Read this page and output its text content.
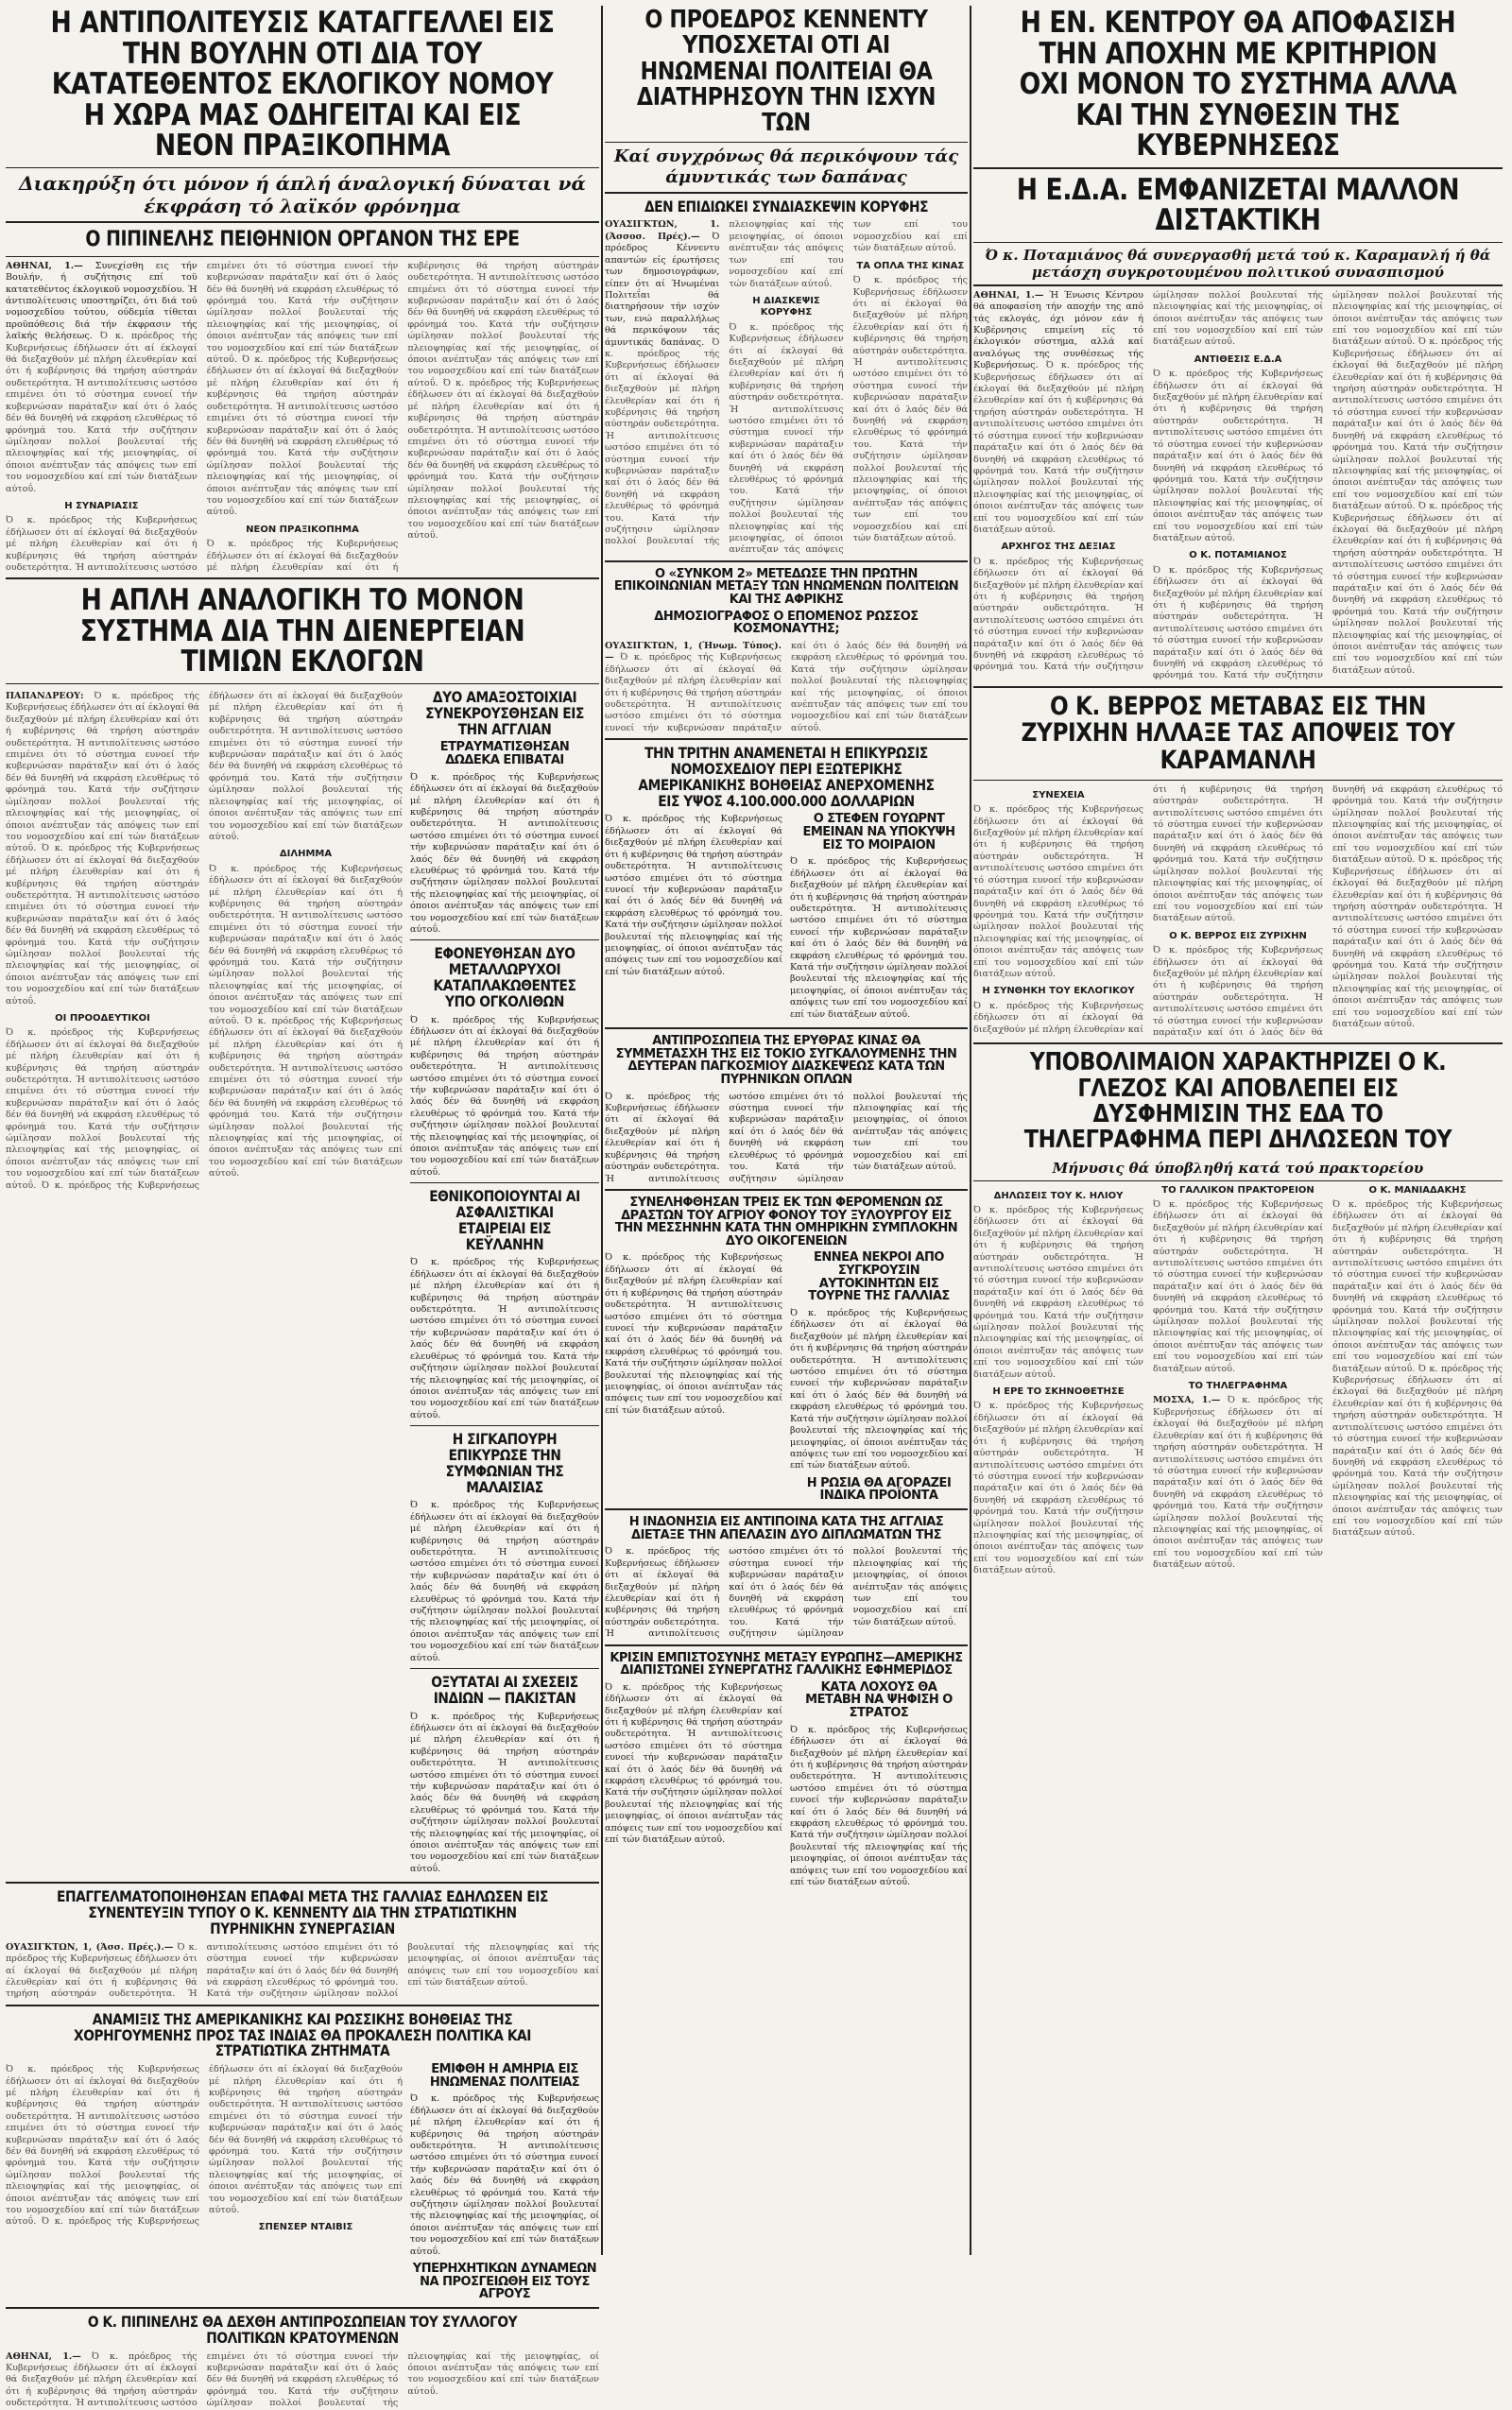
Η ΑΝΤΙΠΟΛΙΤΕΥΣΙΣ ΚΑΤΑΓΓΕΛΛΕΙ ΕΙΣ ΤΗΝ ΒΟΥΛΗΝ ΟΤΙ ΔΙΑ ΤΟΥ ΚΑΤΑΤΕΘΕΝΤΟΣ ΕΚΛΟΓΙΚΟΥ ΝΟΜΟΥ Η ΧΩΡΑ ΜΑΣ ΟΔΗΓΕΙΤΑΙ ΚΑΙ ΕΙΣ ΝΕΟΝ ΠΡΑΞΙΚΟΠΗΜΑ
Διακηρύξη ότι μόνον ή άπλή άναλογική δύναται νά έκφράση τό λαϊκόν φρόνημα
Ο ΠΙΠΙΝΕΛΗΣ ΠΕΙΘΗΝΙΟΝ ΟΡΓΑΝΟΝ ΤΗΣ ΕΡΕ
ΑΘΗΝΑΙ, 1.— Συνεχίσθη εις τήν Βουλήν, ή συζήτησις επί τοϋ κατατεθέντος έκλογικοϋ νομοσχεδίου. Ή άντιπολίτευσις υποστηρίζει, ότι διά τού νομοσχεδίου τούτου, ούδεμία τίθεται προϋπόθεσις διά τήν έκφρασιν τής λαϊκής θελήσεως. Ό κ. πρόεδρος τής Κυβερνήσεως έδήλωσεν ότι αί έκλογαί θά διεξαχθούν μέ πλήρη έλευθερίαν καί ότι ή κυβέρνησις θά τηρήση αύστηράν ουδετερότητα. Ή αντιπολίτευσις ωστόσο επιμένει ότι τό σύστημα ευνοεί τήν κυβερνώσαν παράταξιν καί ότι ό λαός δέν θά δυνηθή νά εκφράση ελευθέρως τό φρόνημά του. Κατά τήν συζήτησιν ώμίλησαν πολλοί βουλευταί τής πλειοψηφίας καί τής μειοψηφίας, οί όποιοι ανέπτυξαν τάς απόψεις των επί του νομοσχεδίου καί επί τών διατάξεων αύτοΰ.
Η ΣΥΝΑΡΙΑΣΙΣ
Ό κ. πρόεδρος τής Κυβερνήσεως έδήλωσεν ότι αί έκλογαί θά διεξαχθούν μέ πλήρη έλευθερίαν καί ότι ή κυβέρνησις θά τηρήση αύστηράν ουδετερότητα. Ή αντιπολίτευσις ωστόσο επιμένει ότι τό σύστημα ευνοεί τήν κυβερνώσαν παράταξιν καί ότι ό λαός δέν θά δυνηθή νά εκφράση ελευθέρως τό φρόνημά του. Κατά τήν συζήτησιν ώμίλησαν πολλοί βουλευταί τής πλειοψηφίας καί τής μειοψηφίας, οί όποιοι ανέπτυξαν τάς απόψεις των επί του νομοσχεδίου καί επί τών διατάξεων αύτοΰ. Ό κ. πρόεδρος τής Κυβερνήσεως έδήλωσεν ότι αί έκλογαί θά διεξαχθούν μέ πλήρη έλευθερίαν καί ότι ή κυβέρνησις θά τηρήση αύστηράν ουδετερότητα. Ή αντιπολίτευσις ωστόσο επιμένει ότι τό σύστημα ευνοεί τήν κυβερνώσαν παράταξιν καί ότι ό λαός δέν θά δυνηθή νά εκφράση ελευθέρως τό φρόνημά του. Κατά τήν συζήτησιν ώμίλησαν πολλοί βουλευταί τής πλειοψηφίας καί τής μειοψηφίας, οί όποιοι ανέπτυξαν τάς απόψεις των επί του νομοσχεδίου καί επί τών διατάξεων αύτοΰ.
ΝΕΟΝ ΠΡΑΞΙΚΟΠΗΜΑ
Ό κ. πρόεδρος τής Κυβερνήσεως έδήλωσεν ότι αί έκλογαί θά διεξαχθούν μέ πλήρη έλευθερίαν καί ότι ή κυβέρνησις θά τηρήση αύστηράν ουδετερότητα. Ή αντιπολίτευσις ωστόσο επιμένει ότι τό σύστημα ευνοεί τήν κυβερνώσαν παράταξιν καί ότι ό λαός δέν θά δυνηθή νά εκφράση ελευθέρως τό φρόνημά του. Κατά τήν συζήτησιν ώμίλησαν πολλοί βουλευταί τής πλειοψηφίας καί τής μειοψηφίας, οί όποιοι ανέπτυξαν τάς απόψεις των επί του νομοσχεδίου καί επί τών διατάξεων αύτοΰ. Ό κ. πρόεδρος τής Κυβερνήσεως έδήλωσεν ότι αί έκλογαί θά διεξαχθούν μέ πλήρη έλευθερίαν καί ότι ή κυβέρνησις θά τηρήση αύστηράν ουδετερότητα. Ή αντιπολίτευσις ωστόσο επιμένει ότι τό σύστημα ευνοεί τήν κυβερνώσαν παράταξιν καί ότι ό λαός δέν θά δυνηθή νά εκφράση ελευθέρως τό φρόνημά του. Κατά τήν συζήτησιν ώμίλησαν πολλοί βουλευταί τής πλειοψηφίας καί τής μειοψηφίας, οί όποιοι ανέπτυξαν τάς απόψεις των επί του νομοσχεδίου καί επί τών διατάξεων αύτοΰ.
Η ΑΠΛΗ ΑΝΑΛΟΓΙΚΗ ΤΟ ΜΟΝΟΝ ΣΥΣΤΗΜΑ ΔΙΑ ΤΗΝ ΔΙΕΝΕΡΓΕΙΑΝ ΤΙΜΙΩΝ ΕΚΛΟΓΩΝ
ΠΑΠΑΝΔΡΕΟΥ: Ό κ. πρόεδρος τής Κυβερνήσεως έδήλωσεν ότι αί έκλογαί θά διεξαχθούν μέ πλήρη έλευθερίαν καί ότι ή κυβέρνησις θά τηρήση αύστηράν ουδετερότητα. Ή αντιπολίτευσις ωστόσο επιμένει ότι τό σύστημα ευνοεί τήν κυβερνώσαν παράταξιν καί ότι ό λαός δέν θά δυνηθή νά εκφράση ελευθέρως τό φρόνημά του. Κατά τήν συζήτησιν ώμίλησαν πολλοί βουλευταί τής πλειοψηφίας καί τής μειοψηφίας, οί όποιοι ανέπτυξαν τάς απόψεις των επί του νομοσχεδίου καί επί τών διατάξεων αύτοΰ. Ό κ. πρόεδρος τής Κυβερνήσεως έδήλωσεν ότι αί έκλογαί θά διεξαχθούν μέ πλήρη έλευθερίαν καί ότι ή κυβέρνησις θά τηρήση αύστηράν ουδετερότητα. Ή αντιπολίτευσις ωστόσο επιμένει ότι τό σύστημα ευνοεί τήν κυβερνώσαν παράταξιν καί ότι ό λαός δέν θά δυνηθή νά εκφράση ελευθέρως τό φρόνημά του. Κατά τήν συζήτησιν ώμίλησαν πολλοί βουλευταί τής πλειοψηφίας καί τής μειοψηφίας, οί όποιοι ανέπτυξαν τάς απόψεις των επί του νομοσχεδίου καί επί τών διατάξεων αύτοΰ.
ΟΙ ΠΡΟΟΔΕΥΤΙΚΟΙ
Ό κ. πρόεδρος τής Κυβερνήσεως έδήλωσεν ότι αί έκλογαί θά διεξαχθούν μέ πλήρη έλευθερίαν καί ότι ή κυβέρνησις θά τηρήση αύστηράν ουδετερότητα. Ή αντιπολίτευσις ωστόσο επιμένει ότι τό σύστημα ευνοεί τήν κυβερνώσαν παράταξιν καί ότι ό λαός δέν θά δυνηθή νά εκφράση ελευθέρως τό φρόνημά του. Κατά τήν συζήτησιν ώμίλησαν πολλοί βουλευταί τής πλειοψηφίας καί τής μειοψηφίας, οί όποιοι ανέπτυξαν τάς απόψεις των επί του νομοσχεδίου καί επί τών διατάξεων αύτοΰ. Ό κ. πρόεδρος τής Κυβερνήσεως έδήλωσεν ότι αί έκλογαί θά διεξαχθούν μέ πλήρη έλευθερίαν καί ότι ή κυβέρνησις θά τηρήση αύστηράν ουδετερότητα. Ή αντιπολίτευσις ωστόσο επιμένει ότι τό σύστημα ευνοεί τήν κυβερνώσαν παράταξιν καί ότι ό λαός δέν θά δυνηθή νά εκφράση ελευθέρως τό φρόνημά του. Κατά τήν συζήτησιν ώμίλησαν πολλοί βουλευταί τής πλειοψηφίας καί τής μειοψηφίας, οί όποιοι ανέπτυξαν τάς απόψεις των επί του νομοσχεδίου καί επί τών διατάξεων αύτοΰ.
ΔΙΛΗΜΜΑ
Ό κ. πρόεδρος τής Κυβερνήσεως έδήλωσεν ότι αί έκλογαί θά διεξαχθούν μέ πλήρη έλευθερίαν καί ότι ή κυβέρνησις θά τηρήση αύστηράν ουδετερότητα. Ή αντιπολίτευσις ωστόσο επιμένει ότι τό σύστημα ευνοεί τήν κυβερνώσαν παράταξιν καί ότι ό λαός δέν θά δυνηθή νά εκφράση ελευθέρως τό φρόνημά του. Κατά τήν συζήτησιν ώμίλησαν πολλοί βουλευταί τής πλειοψηφίας καί τής μειοψηφίας, οί όποιοι ανέπτυξαν τάς απόψεις των επί του νομοσχεδίου καί επί τών διατάξεων αύτοΰ. Ό κ. πρόεδρος τής Κυβερνήσεως έδήλωσεν ότι αί έκλογαί θά διεξαχθούν μέ πλήρη έλευθερίαν καί ότι ή κυβέρνησις θά τηρήση αύστηράν ουδετερότητα. Ή αντιπολίτευσις ωστόσο επιμένει ότι τό σύστημα ευνοεί τήν κυβερνώσαν παράταξιν καί ότι ό λαός δέν θά δυνηθή νά εκφράση ελευθέρως τό φρόνημά του. Κατά τήν συζήτησιν ώμίλησαν πολλοί βουλευταί τής πλειοψηφίας καί τής μειοψηφίας, οί όποιοι ανέπτυξαν τάς απόψεις των επί του νομοσχεδίου καί επί τών διατάξεων αύτοΰ.
ΔΥΟ ΑΜΑΞΟΣΤΟΙΧΙΑΙ ΣΥΝΕΚΡΟΥΣΘΗΣΑΝ ΕΙΣ ΤΗΝ ΑΓΓΛΙΑΝ
ΕΤΡΑΥΜΑΤΙΣΘΗΣΑΝ ΔΩΔΕΚΑ ΕΠΙΒΑΤΑΙ
Ό κ. πρόεδρος τής Κυβερνήσεως έδήλωσεν ότι αί έκλογαί θά διεξαχθούν μέ πλήρη έλευθερίαν καί ότι ή κυβέρνησις θά τηρήση αύστηράν ουδετερότητα. Ή αντιπολίτευσις ωστόσο επιμένει ότι τό σύστημα ευνοεί τήν κυβερνώσαν παράταξιν καί ότι ό λαός δέν θά δυνηθή νά εκφράση ελευθέρως τό φρόνημά του. Κατά τήν συζήτησιν ώμίλησαν πολλοί βουλευταί τής πλειοψηφίας καί τής μειοψηφίας, οί όποιοι ανέπτυξαν τάς απόψεις των επί του νομοσχεδίου καί επί τών διατάξεων αύτοΰ.
ΕΦΟΝΕΥΘΗΣΑΝ ΔΥΟ ΜΕΤΑΛΛΩΡΥΧΟΙ ΚΑΤΑΠΛΑΚΩΘΕΝΤΕΣ ΥΠΟ ΟΓΚΟΛΙΘΩΝ
Ό κ. πρόεδρος τής Κυβερνήσεως έδήλωσεν ότι αί έκλογαί θά διεξαχθούν μέ πλήρη έλευθερίαν καί ότι ή κυβέρνησις θά τηρήση αύστηράν ουδετερότητα. Ή αντιπολίτευσις ωστόσο επιμένει ότι τό σύστημα ευνοεί τήν κυβερνώσαν παράταξιν καί ότι ό λαός δέν θά δυνηθή νά εκφράση ελευθέρως τό φρόνημά του. Κατά τήν συζήτησιν ώμίλησαν πολλοί βουλευταί τής πλειοψηφίας καί τής μειοψηφίας, οί όποιοι ανέπτυξαν τάς απόψεις των επί του νομοσχεδίου καί επί τών διατάξεων αύτοΰ.
ΕΘΝΙΚΟΠΟΙΟΥΝΤΑΙ ΑΙ ΑΣΦΑΛΙΣΤΙΚΑΙ ΕΤΑΙΡΕΙΑΙ ΕΙΣ ΚΕΫΛΑΝΗΝ
Ό κ. πρόεδρος τής Κυβερνήσεως έδήλωσεν ότι αί έκλογαί θά διεξαχθούν μέ πλήρη έλευθερίαν καί ότι ή κυβέρνησις θά τηρήση αύστηράν ουδετερότητα. Ή αντιπολίτευσις ωστόσο επιμένει ότι τό σύστημα ευνοεί τήν κυβερνώσαν παράταξιν καί ότι ό λαός δέν θά δυνηθή νά εκφράση ελευθέρως τό φρόνημά του. Κατά τήν συζήτησιν ώμίλησαν πολλοί βουλευταί τής πλειοψηφίας καί τής μειοψηφίας, οί όποιοι ανέπτυξαν τάς απόψεις των επί του νομοσχεδίου καί επί τών διατάξεων αύτοΰ.
Η ΣΙΓΚΑΠΟΥΡΗ ΕΠΙΚΥΡΩΣΕ ΤΗΝ ΣΥΜΦΩΝΙΑΝ ΤΗΣ ΜΑΛΑΙΣΙΑΣ
Ό κ. πρόεδρος τής Κυβερνήσεως έδήλωσεν ότι αί έκλογαί θά διεξαχθούν μέ πλήρη έλευθερίαν καί ότι ή κυβέρνησις θά τηρήση αύστηράν ουδετερότητα. Ή αντιπολίτευσις ωστόσο επιμένει ότι τό σύστημα ευνοεί τήν κυβερνώσαν παράταξιν καί ότι ό λαός δέν θά δυνηθή νά εκφράση ελευθέρως τό φρόνημά του. Κατά τήν συζήτησιν ώμίλησαν πολλοί βουλευταί τής πλειοψηφίας καί τής μειοψηφίας, οί όποιοι ανέπτυξαν τάς απόψεις των επί του νομοσχεδίου καί επί τών διατάξεων αύτοΰ.
ΟΞΥΤΑΤΑΙ ΑΙ ΣΧΕΣΕΙΣ ΙΝΔΙΩΝ — ΠΑΚΙΣΤΑΝ
Ό κ. πρόεδρος τής Κυβερνήσεως έδήλωσεν ότι αί έκλογαί θά διεξαχθούν μέ πλήρη έλευθερίαν καί ότι ή κυβέρνησις θά τηρήση αύστηράν ουδετερότητα. Ή αντιπολίτευσις ωστόσο επιμένει ότι τό σύστημα ευνοεί τήν κυβερνώσαν παράταξιν καί ότι ό λαός δέν θά δυνηθή νά εκφράση ελευθέρως τό φρόνημά του. Κατά τήν συζήτησιν ώμίλησαν πολλοί βουλευταί τής πλειοψηφίας καί τής μειοψηφίας, οί όποιοι ανέπτυξαν τάς απόψεις των επί του νομοσχεδίου καί επί τών διατάξεων αύτοΰ.
ΕΠΑΓΓΕΛΜΑΤΟΠΟΙΗΘΗΣΑΝ ΕΠΑΦΑΙ ΜΕΤΑ ΤΗΣ ΓΑΛΛΙΑΣ ΕΔΗΛΩΣΕΝ ΕΙΣ ΣΥΝΕΝΤΕΥΞΙΝ ΤΥΠΟΥ Ο Κ. ΚΕΝΝΕΝΤΥ ΔΙΑ ΤΗΝ ΣΤΡΑΤΙΩΤΙΚΗΝ ΠΥΡΗΝΙΚΗΝ ΣΥΝΕΡΓΑΣΙΑΝ
ΟΥΑΣΙΓΚΤΩΝ, 1, (Άσσ. Πρές.).— Ό κ. πρόεδρος τής Κυβερνήσεως έδήλωσεν ότι αί έκλογαί θά διεξαχθούν μέ πλήρη έλευθερίαν καί ότι ή κυβέρνησις θά τηρήση αύστηράν ουδετερότητα. Ή αντιπολίτευσις ωστόσο επιμένει ότι τό σύστημα ευνοεί τήν κυβερνώσαν παράταξιν καί ότι ό λαός δέν θά δυνηθή νά εκφράση ελευθέρως τό φρόνημά του. Κατά τήν συζήτησιν ώμίλησαν πολλοί βουλευταί τής πλειοψηφίας καί τής μειοψηφίας, οί όποιοι ανέπτυξαν τάς απόψεις των επί του νομοσχεδίου καί επί τών διατάξεων αύτοΰ.
ΑΝΑΜΙΞΙΣ ΤΗΣ ΑΜΕΡΙΚΑΝΙΚΗΣ ΚΑΙ ΡΩΣΣΙΚΗΣ ΒΟΗΘΕΙΑΣ ΤΗΣ ΧΟΡΗΓΟΥΜΕΝΗΣ ΠΡΟΣ ΤΑΣ ΙΝΔΙΑΣ ΘΑ ΠΡΟΚΑΛΕΣΗ ΠΟΛΙΤΙΚΑ ΚΑΙ ΣΤΡΑΤΙΩΤΙΚΑ ΖΗΤΗΜΑΤΑ
Ό κ. πρόεδρος τής Κυβερνήσεως έδήλωσεν ότι αί έκλογαί θά διεξαχθούν μέ πλήρη έλευθερίαν καί ότι ή κυβέρνησις θά τηρήση αύστηράν ουδετερότητα. Ή αντιπολίτευσις ωστόσο επιμένει ότι τό σύστημα ευνοεί τήν κυβερνώσαν παράταξιν καί ότι ό λαός δέν θά δυνηθή νά εκφράση ελευθέρως τό φρόνημά του. Κατά τήν συζήτησιν ώμίλησαν πολλοί βουλευταί τής πλειοψηφίας καί τής μειοψηφίας, οί όποιοι ανέπτυξαν τάς απόψεις των επί του νομοσχεδίου καί επί τών διατάξεων αύτοΰ. Ό κ. πρόεδρος τής Κυβερνήσεως έδήλωσεν ότι αί έκλογαί θά διεξαχθούν μέ πλήρη έλευθερίαν καί ότι ή κυβέρνησις θά τηρήση αύστηράν ουδετερότητα. Ή αντιπολίτευσις ωστόσο επιμένει ότι τό σύστημα ευνοεί τήν κυβερνώσαν παράταξιν καί ότι ό λαός δέν θά δυνηθή νά εκφράση ελευθέρως τό φρόνημά του. Κατά τήν συζήτησιν ώμίλησαν πολλοί βουλευταί τής πλειοψηφίας καί τής μειοψηφίας, οί όποιοι ανέπτυξαν τάς απόψεις των επί του νομοσχεδίου καί επί τών διατάξεων αύτοΰ.
ΣΠΕΝΣΕΡ ΝΤΑΙΒΙΣ
ΕΜΙΦΘΗ Η ΑΜΗΡΙΑ ΕΙΣ ΗΝΩΜΕΝΑΣ ΠΟΛΙΤΕΙΑΣ
Ό κ. πρόεδρος τής Κυβερνήσεως έδήλωσεν ότι αί έκλογαί θά διεξαχθούν μέ πλήρη έλευθερίαν καί ότι ή κυβέρνησις θά τηρήση αύστηράν ουδετερότητα. Ή αντιπολίτευσις ωστόσο επιμένει ότι τό σύστημα ευνοεί τήν κυβερνώσαν παράταξιν καί ότι ό λαός δέν θά δυνηθή νά εκφράση ελευθέρως τό φρόνημά του. Κατά τήν συζήτησιν ώμίλησαν πολλοί βουλευταί τής πλειοψηφίας καί τής μειοψηφίας, οί όποιοι ανέπτυξαν τάς απόψεις των επί του νομοσχεδίου καί επί τών διατάξεων αύτοΰ.
ΥΠΕΡΗΧΗΤΙΚΩΝ ΔΥΝΑΜΕΩΝ ΝΑ ΠΡΟΣΓΕΙΩΘΗ ΕΙΣ ΤΟΥΣ ΑΓΡΟΥΣ
Ο Κ. ΠΙΠΙΝΕΛΗΣ ΘΑ ΔΕΧΘΗ ΑΝΤΙΠΡΟΣΩΠΕΙΑΝ ΤΟΥ ΣΥΛΛΟΓΟΥ ΠΟΛΙΤΙΚΩΝ ΚΡΑΤΟΥΜΕΝΩΝ
ΑΘΗΝΑΙ, 1.— Ό κ. πρόεδρος τής Κυβερνήσεως έδήλωσεν ότι αί έκλογαί θά διεξαχθούν μέ πλήρη έλευθερίαν καί ότι ή κυβέρνησις θά τηρήση αύστηράν ουδετερότητα. Ή αντιπολίτευσις ωστόσο επιμένει ότι τό σύστημα ευνοεί τήν κυβερνώσαν παράταξιν καί ότι ό λαός δέν θά δυνηθή νά εκφράση ελευθέρως τό φρόνημά του. Κατά τήν συζήτησιν ώμίλησαν πολλοί βουλευταί τής πλειοψηφίας καί τής μειοψηφίας, οί όποιοι ανέπτυξαν τάς απόψεις των επί του νομοσχεδίου καί επί τών διατάξεων αύτοΰ.
Ο ΠΡΟΕΔΡΟΣ ΚΕΝΝΕΝΤΥ ΥΠΟΣΧΕΤΑΙ ΟΤΙ ΑΙ ΗΝΩΜΕΝΑΙ ΠΟΛΙΤΕΙΑΙ ΘΑ ΔΙΑΤΗΡΗΣΟΥΝ ΤΗΝ ΙΣΧΥΝ ΤΩΝ
Καί συγχρόνως θά περικόψουν τάς άμυντικάς των δαπάνας
ΔΕΝ ΕΠΙΔΙΩΚΕΙ ΣΥΝΔΙΑΣΚΕΨΙΝ ΚΟΡΥΦΗΣ
ΟΥΑΣΙΓΚΤΩΝ, 1. (Άσσοσ. Πρές).— Ό πρόεδρος Κέννεντυ απαντών είς έρωτήσεις των δημοσιογράφων, είπεν ότι αί Ήνωμέναι Πολιτεΐαι θά διατηρήσουν τήν ισχύν των, ενώ παραλλήλως θά περικόψουν τάς άμυντικάς δαπάνας. Ό κ. πρόεδρος τής Κυβερνήσεως έδήλωσεν ότι αί έκλογαί θά διεξαχθούν μέ πλήρη έλευθερίαν καί ότι ή κυβέρνησις θά τηρήση αύστηράν ουδετερότητα. Ή αντιπολίτευσις ωστόσο επιμένει ότι τό σύστημα ευνοεί τήν κυβερνώσαν παράταξιν καί ότι ό λαός δέν θά δυνηθή νά εκφράση ελευθέρως τό φρόνημά του. Κατά τήν συζήτησιν ώμίλησαν πολλοί βουλευταί τής πλειοψηφίας καί τής μειοψηφίας, οί όποιοι ανέπτυξαν τάς απόψεις των επί του νομοσχεδίου καί επί τών διατάξεων αύτοΰ.
Η ΔΙΑΣΚΕΨΙΣ ΚΟΡΥΦΗΣ
Ό κ. πρόεδρος τής Κυβερνήσεως έδήλωσεν ότι αί έκλογαί θά διεξαχθούν μέ πλήρη έλευθερίαν καί ότι ή κυβέρνησις θά τηρήση αύστηράν ουδετερότητα. Ή αντιπολίτευσις ωστόσο επιμένει ότι τό σύστημα ευνοεί τήν κυβερνώσαν παράταξιν καί ότι ό λαός δέν θά δυνηθή νά εκφράση ελευθέρως τό φρόνημά του. Κατά τήν συζήτησιν ώμίλησαν πολλοί βουλευταί τής πλειοψηφίας καί τής μειοψηφίας, οί όποιοι ανέπτυξαν τάς απόψεις των επί του νομοσχεδίου καί επί τών διατάξεων αύτοΰ.
ΤΑ ΟΠΛΑ ΤΗΣ ΚΙΝΑΣ
Ό κ. πρόεδρος τής Κυβερνήσεως έδήλωσεν ότι αί έκλογαί θά διεξαχθούν μέ πλήρη έλευθερίαν καί ότι ή κυβέρνησις θά τηρήση αύστηράν ουδετερότητα. Ή αντιπολίτευσις ωστόσο επιμένει ότι τό σύστημα ευνοεί τήν κυβερνώσαν παράταξιν καί ότι ό λαός δέν θά δυνηθή νά εκφράση ελευθέρως τό φρόνημά του. Κατά τήν συζήτησιν ώμίλησαν πολλοί βουλευταί τής πλειοψηφίας καί τής μειοψηφίας, οί όποιοι ανέπτυξαν τάς απόψεις των επί του νομοσχεδίου καί επί τών διατάξεων αύτοΰ.
Ο «ΣΥΝΚΟΜ 2» ΜΕΤΕΔΩΣΕ ΤΗΝ ΠΡΩΤΗΝ ΕΠΙΚΟΙΝΩΝΙΑΝ ΜΕΤΑΞΥ ΤΩΝ ΗΝΩΜΕΝΩΝ ΠΟΛΙΤΕΙΩΝ ΚΑΙ ΤΗΣ ΑΦΡΙΚΗΣ
ΔΗΜΟΣΙΟΓΡΑΦΟΣ Ο ΕΠΟΜΕΝΟΣ ΡΩΣΣΟΣ ΚΟΣΜΟΝΑΥΤΗΣ;
ΟΥΑΣΙΓΚΤΩΝ, 1, (Ήνωμ. Τύπος).— Ό κ. πρόεδρος τής Κυβερνήσεως έδήλωσεν ότι αί έκλογαί θά διεξαχθούν μέ πλήρη έλευθερίαν καί ότι ή κυβέρνησις θά τηρήση αύστηράν ουδετερότητα. Ή αντιπολίτευσις ωστόσο επιμένει ότι τό σύστημα ευνοεί τήν κυβερνώσαν παράταξιν καί ότι ό λαός δέν θά δυνηθή νά εκφράση ελευθέρως τό φρόνημά του. Κατά τήν συζήτησιν ώμίλησαν πολλοί βουλευταί τής πλειοψηφίας καί τής μειοψηφίας, οί όποιοι ανέπτυξαν τάς απόψεις των επί του νομοσχεδίου καί επί τών διατάξεων αύτοΰ.
ΤΗΝ ΤΡΙΤΗΝ ΑΝΑΜΕΝΕΤΑΙ Η ΕΠΙΚΥΡΩΣΙΣ ΝΟΜΟΣΧΕΔΙΟΥ ΠΕΡΙ ΕΞΩΤΕΡΙΚΗΣ ΑΜΕΡΙΚΑΝΙΚΗΣ ΒΟΗΘΕΙΑΣ ΑΝΕΡΧΟΜΕΝΗΣ ΕΙΣ ΥΨΟΣ 4.100.000.000 ΔΟΛΛΑΡΙΩΝ
Ό κ. πρόεδρος τής Κυβερνήσεως έδήλωσεν ότι αί έκλογαί θά διεξαχθούν μέ πλήρη έλευθερίαν καί ότι ή κυβέρνησις θά τηρήση αύστηράν ουδετερότητα. Ή αντιπολίτευσις ωστόσο επιμένει ότι τό σύστημα ευνοεί τήν κυβερνώσαν παράταξιν καί ότι ό λαός δέν θά δυνηθή νά εκφράση ελευθέρως τό φρόνημά του. Κατά τήν συζήτησιν ώμίλησαν πολλοί βουλευταί τής πλειοψηφίας καί τής μειοψηφίας, οί όποιοι ανέπτυξαν τάς απόψεις των επί του νομοσχεδίου καί επί τών διατάξεων αύτοΰ.
Ο ΣΤΕΦΕΝ ΓΟΥΩΡΝΤ ΕΜΕΙΝΑΝ ΝΑ ΥΠΟΚΥΨΗ ΕΙΣ ΤΟ ΜΟΙΡΑΙΟΝ
Ό κ. πρόεδρος τής Κυβερνήσεως έδήλωσεν ότι αί έκλογαί θά διεξαχθούν μέ πλήρη έλευθερίαν καί ότι ή κυβέρνησις θά τηρήση αύστηράν ουδετερότητα. Ή αντιπολίτευσις ωστόσο επιμένει ότι τό σύστημα ευνοεί τήν κυβερνώσαν παράταξιν καί ότι ό λαός δέν θά δυνηθή νά εκφράση ελευθέρως τό φρόνημά του. Κατά τήν συζήτησιν ώμίλησαν πολλοί βουλευταί τής πλειοψηφίας καί τής μειοψηφίας, οί όποιοι ανέπτυξαν τάς απόψεις των επί του νομοσχεδίου καί επί τών διατάξεων αύτοΰ.
ΑΝΤΙΠΡΟΣΩΠΕΙΑ ΤΗΣ ΕΡΥΘΡΑΣ ΚΙΝΑΣ ΘΑ ΣΥΜΜΕΤΑΣΧΗ ΤΗΣ ΕΙΣ ΤΟΚΙΟ ΣΥΓΚΑΛΟΥΜΕΝΗΣ ΤΗΝ ΔΕΥΤΕΡΑΝ ΠΑΓΚΟΣΜΙΟΥ ΔΙΑΣΚΕΨΕΩΣ ΚΑΤΑ ΤΩΝ ΠΥΡΗΝΙΚΩΝ ΟΠΛΩΝ
Ό κ. πρόεδρος τής Κυβερνήσεως έδήλωσεν ότι αί έκλογαί θά διεξαχθούν μέ πλήρη έλευθερίαν καί ότι ή κυβέρνησις θά τηρήση αύστηράν ουδετερότητα. Ή αντιπολίτευσις ωστόσο επιμένει ότι τό σύστημα ευνοεί τήν κυβερνώσαν παράταξιν καί ότι ό λαός δέν θά δυνηθή νά εκφράση ελευθέρως τό φρόνημά του. Κατά τήν συζήτησιν ώμίλησαν πολλοί βουλευταί τής πλειοψηφίας καί τής μειοψηφίας, οί όποιοι ανέπτυξαν τάς απόψεις των επί του νομοσχεδίου καί επί τών διατάξεων αύτοΰ.
ΣΥΝΕΛΗΦΘΗΣΑΝ ΤΡΕΙΣ ΕΚ ΤΩΝ ΦΕΡΟΜΕΝΩΝ ΩΣ ΔΡΑΣΤΩΝ ΤΟΥ ΑΓΡΙΟΥ ΦΟΝΟΥ ΤΟΥ ΞΥΛΟΥΡΓΟΥ ΕΙΣ ΤΗΝ ΜΕΣΣΗΝΗΝ ΚΑΤΑ ΤΗΝ ΟΜΗΡΙΚΗΝ ΣΥΜΠΛΟΚΗΝ ΔΥΟ ΟΙΚΟΓΕΝΕΙΩΝ
Ό κ. πρόεδρος τής Κυβερνήσεως έδήλωσεν ότι αί έκλογαί θά διεξαχθούν μέ πλήρη έλευθερίαν καί ότι ή κυβέρνησις θά τηρήση αύστηράν ουδετερότητα. Ή αντιπολίτευσις ωστόσο επιμένει ότι τό σύστημα ευνοεί τήν κυβερνώσαν παράταξιν καί ότι ό λαός δέν θά δυνηθή νά εκφράση ελευθέρως τό φρόνημά του. Κατά τήν συζήτησιν ώμίλησαν πολλοί βουλευταί τής πλειοψηφίας καί τής μειοψηφίας, οί όποιοι ανέπτυξαν τάς απόψεις των επί του νομοσχεδίου καί επί τών διατάξεων αύτοΰ.
ΕΝΝΕΑ ΝΕΚΡΟΙ ΑΠΟ ΣΥΓΚΡΟΥΣΙΝ ΑΥΤΟΚΙΝΗΤΩΝ ΕΙΣ ΤΟΥΡΝΕ ΤΗΣ ΓΑΛΛΙΑΣ
Ό κ. πρόεδρος τής Κυβερνήσεως έδήλωσεν ότι αί έκλογαί θά διεξαχθούν μέ πλήρη έλευθερίαν καί ότι ή κυβέρνησις θά τηρήση αύστηράν ουδετερότητα. Ή αντιπολίτευσις ωστόσο επιμένει ότι τό σύστημα ευνοεί τήν κυβερνώσαν παράταξιν καί ότι ό λαός δέν θά δυνηθή νά εκφράση ελευθέρως τό φρόνημά του. Κατά τήν συζήτησιν ώμίλησαν πολλοί βουλευταί τής πλειοψηφίας καί τής μειοψηφίας, οί όποιοι ανέπτυξαν τάς απόψεις των επί του νομοσχεδίου καί επί τών διατάξεων αύτοΰ.
Η ΡΩΣΙΑ ΘΑ ΑΓΟΡΑΖΕΙ ΙΝΔΙΚΑ ΠΡΟΪΟΝΤΑ
Η ΙΝΔΟΝΗΣΙΑ ΕΙΣ ΑΝΤΙΠΟΙΝΑ ΚΑΤΑ ΤΗΣ ΑΓΓΛΙΑΣ ΔΙΕΤΑΞΕ ΤΗΝ ΑΠΕΛΑΣΙΝ ΔΥΟ ΔΙΠΛΩΜΑΤΩΝ ΤΗΣ
Ό κ. πρόεδρος τής Κυβερνήσεως έδήλωσεν ότι αί έκλογαί θά διεξαχθούν μέ πλήρη έλευθερίαν καί ότι ή κυβέρνησις θά τηρήση αύστηράν ουδετερότητα. Ή αντιπολίτευσις ωστόσο επιμένει ότι τό σύστημα ευνοεί τήν κυβερνώσαν παράταξιν καί ότι ό λαός δέν θά δυνηθή νά εκφράση ελευθέρως τό φρόνημά του. Κατά τήν συζήτησιν ώμίλησαν πολλοί βουλευταί τής πλειοψηφίας καί τής μειοψηφίας, οί όποιοι ανέπτυξαν τάς απόψεις των επί του νομοσχεδίου καί επί τών διατάξεων αύτοΰ.
ΚΡΙΣΙΝ ΕΜΠΙΣΤΟΣΥΝΗΣ ΜΕΤΑΞΥ ΕΥΡΩΠΗΣ—ΑΜΕΡΙΚΗΣ ΔΙΑΠΙΣΤΩΝΕΙ ΣΥΝΕΡΓΑΤΗΣ ΓΑΛΛΙΚΗΣ ΕΦΗΜΕΡΙΔΟΣ
Ό κ. πρόεδρος τής Κυβερνήσεως έδήλωσεν ότι αί έκλογαί θά διεξαχθούν μέ πλήρη έλευθερίαν καί ότι ή κυβέρνησις θά τηρήση αύστηράν ουδετερότητα. Ή αντιπολίτευσις ωστόσο επιμένει ότι τό σύστημα ευνοεί τήν κυβερνώσαν παράταξιν καί ότι ό λαός δέν θά δυνηθή νά εκφράση ελευθέρως τό φρόνημά του. Κατά τήν συζήτησιν ώμίλησαν πολλοί βουλευταί τής πλειοψηφίας καί τής μειοψηφίας, οί όποιοι ανέπτυξαν τάς απόψεις των επί του νομοσχεδίου καί επί τών διατάξεων αύτοΰ.
ΚΑΤΑ ΛΟΧΟΥΣ ΘΑ ΜΕΤΑΒΗ ΝΑ ΨΗΦΙΣΗ Ο ΣΤΡΑΤΟΣ
Ό κ. πρόεδρος τής Κυβερνήσεως έδήλωσεν ότι αί έκλογαί θά διεξαχθούν μέ πλήρη έλευθερίαν καί ότι ή κυβέρνησις θά τηρήση αύστηράν ουδετερότητα. Ή αντιπολίτευσις ωστόσο επιμένει ότι τό σύστημα ευνοεί τήν κυβερνώσαν παράταξιν καί ότι ό λαός δέν θά δυνηθή νά εκφράση ελευθέρως τό φρόνημά του. Κατά τήν συζήτησιν ώμίλησαν πολλοί βουλευταί τής πλειοψηφίας καί τής μειοψηφίας, οί όποιοι ανέπτυξαν τάς απόψεις των επί του νομοσχεδίου καί επί τών διατάξεων αύτοΰ.
Η ΕΝ. ΚΕΝΤΡΟΥ ΘΑ ΑΠΟΦΑΣΙΣΗ ΤΗΝ ΑΠΟΧΗΝ ΜΕ ΚΡΙΤΗΡΙΟΝ ΟΧΙ ΜΟΝΟΝ ΤΟ ΣΥΣΤΗΜΑ ΑΛΛΑ ΚΑΙ ΤΗΝ ΣΥΝΘΕΣΙΝ ΤΗΣ ΚΥΒΕΡΝΗΣΕΩΣ
Η Ε.Δ.Α. ΕΜΦΑΝΙΖΕΤΑΙ ΜΑΛΛΟΝ ΔΙΣΤΑΚΤΙΚΗ
Ό κ. Ποταμιάνος θά συνεργασθή μετά τού κ. Καραμανλή ή θά μετάσχη συγκροτουμένου πολιτικού συνασπισμού
ΑΘΗΝΑΙ, 1.— Ή Ένωσις Κέντρου θά αποφασίση τήν αποχήν της από τάς εκλογάς, όχι μόνον εάν ή Κυβέρνησις επιμείνη είς τό έκλογικόν σύστημα, αλλά καί αναλόγως της συνθέσεως τής Κυβερνήσεως. Ό κ. πρόεδρος τής Κυβερνήσεως έδήλωσεν ότι αί έκλογαί θά διεξαχθούν μέ πλήρη έλευθερίαν καί ότι ή κυβέρνησις θά τηρήση αύστηράν ουδετερότητα. Ή αντιπολίτευσις ωστόσο επιμένει ότι τό σύστημα ευνοεί τήν κυβερνώσαν παράταξιν καί ότι ό λαός δέν θά δυνηθή νά εκφράση ελευθέρως τό φρόνημά του. Κατά τήν συζήτησιν ώμίλησαν πολλοί βουλευταί τής πλειοψηφίας καί τής μειοψηφίας, οί όποιοι ανέπτυξαν τάς απόψεις των επί του νομοσχεδίου καί επί τών διατάξεων αύτοΰ.
ΑΡΧΗΓΟΣ ΤΗΣ ΔΕΞΙΑΣ
Ό κ. πρόεδρος τής Κυβερνήσεως έδήλωσεν ότι αί έκλογαί θά διεξαχθούν μέ πλήρη έλευθερίαν καί ότι ή κυβέρνησις θά τηρήση αύστηράν ουδετερότητα. Ή αντιπολίτευσις ωστόσο επιμένει ότι τό σύστημα ευνοεί τήν κυβερνώσαν παράταξιν καί ότι ό λαός δέν θά δυνηθή νά εκφράση ελευθέρως τό φρόνημά του. Κατά τήν συζήτησιν ώμίλησαν πολλοί βουλευταί τής πλειοψηφίας καί τής μειοψηφίας, οί όποιοι ανέπτυξαν τάς απόψεις των επί του νομοσχεδίου καί επί τών διατάξεων αύτοΰ.
ΑΝΤΙΘΕΣΙΣ Ε.Δ.Α
Ό κ. πρόεδρος τής Κυβερνήσεως έδήλωσεν ότι αί έκλογαί θά διεξαχθούν μέ πλήρη έλευθερίαν καί ότι ή κυβέρνησις θά τηρήση αύστηράν ουδετερότητα. Ή αντιπολίτευσις ωστόσο επιμένει ότι τό σύστημα ευνοεί τήν κυβερνώσαν παράταξιν καί ότι ό λαός δέν θά δυνηθή νά εκφράση ελευθέρως τό φρόνημά του. Κατά τήν συζήτησιν ώμίλησαν πολλοί βουλευταί τής πλειοψηφίας καί τής μειοψηφίας, οί όποιοι ανέπτυξαν τάς απόψεις των επί του νομοσχεδίου καί επί τών διατάξεων αύτοΰ.
Ο Κ. ΠΟΤΑΜΙΑΝΟΣ
Ό κ. πρόεδρος τής Κυβερνήσεως έδήλωσεν ότι αί έκλογαί θά διεξαχθούν μέ πλήρη έλευθερίαν καί ότι ή κυβέρνησις θά τηρήση αύστηράν ουδετερότητα. Ή αντιπολίτευσις ωστόσο επιμένει ότι τό σύστημα ευνοεί τήν κυβερνώσαν παράταξιν καί ότι ό λαός δέν θά δυνηθή νά εκφράση ελευθέρως τό φρόνημά του. Κατά τήν συζήτησιν ώμίλησαν πολλοί βουλευταί τής πλειοψηφίας καί τής μειοψηφίας, οί όποιοι ανέπτυξαν τάς απόψεις των επί του νομοσχεδίου καί επί τών διατάξεων αύτοΰ. Ό κ. πρόεδρος τής Κυβερνήσεως έδήλωσεν ότι αί έκλογαί θά διεξαχθούν μέ πλήρη έλευθερίαν καί ότι ή κυβέρνησις θά τηρήση αύστηράν ουδετερότητα. Ή αντιπολίτευσις ωστόσο επιμένει ότι τό σύστημα ευνοεί τήν κυβερνώσαν παράταξιν καί ότι ό λαός δέν θά δυνηθή νά εκφράση ελευθέρως τό φρόνημά του. Κατά τήν συζήτησιν ώμίλησαν πολλοί βουλευταί τής πλειοψηφίας καί τής μειοψηφίας, οί όποιοι ανέπτυξαν τάς απόψεις των επί του νομοσχεδίου καί επί τών διατάξεων αύτοΰ. Ό κ. πρόεδρος τής Κυβερνήσεως έδήλωσεν ότι αί έκλογαί θά διεξαχθούν μέ πλήρη έλευθερίαν καί ότι ή κυβέρνησις θά τηρήση αύστηράν ουδετερότητα. Ή αντιπολίτευσις ωστόσο επιμένει ότι τό σύστημα ευνοεί τήν κυβερνώσαν παράταξιν καί ότι ό λαός δέν θά δυνηθή νά εκφράση ελευθέρως τό φρόνημά του. Κατά τήν συζήτησιν ώμίλησαν πολλοί βουλευταί τής πλειοψηφίας καί τής μειοψηφίας, οί όποιοι ανέπτυξαν τάς απόψεις των επί του νομοσχεδίου καί επί τών διατάξεων αύτοΰ.
Ο Κ. ΒΕΡΡΟΣ ΜΕΤΑΒΑΣ ΕΙΣ ΤΗΝ ΖΥΡΙΧΗΝ ΗΛΛΑΞΕ ΤΑΣ ΑΠΟΨΕΙΣ ΤΟΥ ΚΑΡΑΜΑΝΛΗ
ΣΥΝΕΧΕΙΑ
Ό κ. πρόεδρος τής Κυβερνήσεως έδήλωσεν ότι αί έκλογαί θά διεξαχθούν μέ πλήρη έλευθερίαν καί ότι ή κυβέρνησις θά τηρήση αύστηράν ουδετερότητα. Ή αντιπολίτευσις ωστόσο επιμένει ότι τό σύστημα ευνοεί τήν κυβερνώσαν παράταξιν καί ότι ό λαός δέν θά δυνηθή νά εκφράση ελευθέρως τό φρόνημά του. Κατά τήν συζήτησιν ώμίλησαν πολλοί βουλευταί τής πλειοψηφίας καί τής μειοψηφίας, οί όποιοι ανέπτυξαν τάς απόψεις των επί του νομοσχεδίου καί επί τών διατάξεων αύτοΰ.
Η ΣΥΝΘΗΚΗ ΤΟΥ ΕΚΛΟΓΙΚΟΥ
Ό κ. πρόεδρος τής Κυβερνήσεως έδήλωσεν ότι αί έκλογαί θά διεξαχθούν μέ πλήρη έλευθερίαν καί ότι ή κυβέρνησις θά τηρήση αύστηράν ουδετερότητα. Ή αντιπολίτευσις ωστόσο επιμένει ότι τό σύστημα ευνοεί τήν κυβερνώσαν παράταξιν καί ότι ό λαός δέν θά δυνηθή νά εκφράση ελευθέρως τό φρόνημά του. Κατά τήν συζήτησιν ώμίλησαν πολλοί βουλευταί τής πλειοψηφίας καί τής μειοψηφίας, οί όποιοι ανέπτυξαν τάς απόψεις των επί του νομοσχεδίου καί επί τών διατάξεων αύτοΰ.
Ο Κ. ΒΕΡΡΟΣ ΕΙΣ ΖΥΡΙΧΗΝ
Ό κ. πρόεδρος τής Κυβερνήσεως έδήλωσεν ότι αί έκλογαί θά διεξαχθούν μέ πλήρη έλευθερίαν καί ότι ή κυβέρνησις θά τηρήση αύστηράν ουδετερότητα. Ή αντιπολίτευσις ωστόσο επιμένει ότι τό σύστημα ευνοεί τήν κυβερνώσαν παράταξιν καί ότι ό λαός δέν θά δυνηθή νά εκφράση ελευθέρως τό φρόνημά του. Κατά τήν συζήτησιν ώμίλησαν πολλοί βουλευταί τής πλειοψηφίας καί τής μειοψηφίας, οί όποιοι ανέπτυξαν τάς απόψεις των επί του νομοσχεδίου καί επί τών διατάξεων αύτοΰ. Ό κ. πρόεδρος τής Κυβερνήσεως έδήλωσεν ότι αί έκλογαί θά διεξαχθούν μέ πλήρη έλευθερίαν καί ότι ή κυβέρνησις θά τηρήση αύστηράν ουδετερότητα. Ή αντιπολίτευσις ωστόσο επιμένει ότι τό σύστημα ευνοεί τήν κυβερνώσαν παράταξιν καί ότι ό λαός δέν θά δυνηθή νά εκφράση ελευθέρως τό φρόνημά του. Κατά τήν συζήτησιν ώμίλησαν πολλοί βουλευταί τής πλειοψηφίας καί τής μειοψηφίας, οί όποιοι ανέπτυξαν τάς απόψεις των επί του νομοσχεδίου καί επί τών διατάξεων αύτοΰ.
ΥΠΟΒΟΛΙΜΑΙΟΝ ΧΑΡΑΚΤΗΡΙΖΕΙ Ο Κ. ΓΛΕΖΟΣ ΚΑΙ ΑΠΟΒΛΕΠΕΙ ΕΙΣ ΔΥΣΦΗΜΙΣΙΝ ΤΗΣ ΕΔΑ ΤΟ ΤΗΛΕΓΡΑΦΗΜΑ ΠΕΡΙ ΔΗΛΩΣΕΩΝ ΤΟΥ
Μήνυσις θά ύποβληθή κατά τού πρακτορείου
ΔΗΛΩΣΕΙΣ ΤΟΥ Κ. ΗΛΙΟΥ
Ό κ. πρόεδρος τής Κυβερνήσεως έδήλωσεν ότι αί έκλογαί θά διεξαχθούν μέ πλήρη έλευθερίαν καί ότι ή κυβέρνησις θά τηρήση αύστηράν ουδετερότητα. Ή αντιπολίτευσις ωστόσο επιμένει ότι τό σύστημα ευνοεί τήν κυβερνώσαν παράταξιν καί ότι ό λαός δέν θά δυνηθή νά εκφράση ελευθέρως τό φρόνημά του. Κατά τήν συζήτησιν ώμίλησαν πολλοί βουλευταί τής πλειοψηφίας καί τής μειοψηφίας, οί όποιοι ανέπτυξαν τάς απόψεις των επί του νομοσχεδίου καί επί τών διατάξεων αύτοΰ.
Η ΕΡΕ ΤΟ ΣΚΗΝΟΘΕΤΗΣΕ
Ό κ. πρόεδρος τής Κυβερνήσεως έδήλωσεν ότι αί έκλογαί θά διεξαχθούν μέ πλήρη έλευθερίαν καί ότι ή κυβέρνησις θά τηρήση αύστηράν ουδετερότητα. Ή αντιπολίτευσις ωστόσο επιμένει ότι τό σύστημα ευνοεί τήν κυβερνώσαν παράταξιν καί ότι ό λαός δέν θά δυνηθή νά εκφράση ελευθέρως τό φρόνημά του. Κατά τήν συζήτησιν ώμίλησαν πολλοί βουλευταί τής πλειοψηφίας καί τής μειοψηφίας, οί όποιοι ανέπτυξαν τάς απόψεις των επί του νομοσχεδίου καί επί τών διατάξεων αύτοΰ.
ΤΟ ΓΑΛΛΙΚΟΝ ΠΡΑΚΤΟΡΕΙΟΝ
Ό κ. πρόεδρος τής Κυβερνήσεως έδήλωσεν ότι αί έκλογαί θά διεξαχθούν μέ πλήρη έλευθερίαν καί ότι ή κυβέρνησις θά τηρήση αύστηράν ουδετερότητα. Ή αντιπολίτευσις ωστόσο επιμένει ότι τό σύστημα ευνοεί τήν κυβερνώσαν παράταξιν καί ότι ό λαός δέν θά δυνηθή νά εκφράση ελευθέρως τό φρόνημά του. Κατά τήν συζήτησιν ώμίλησαν πολλοί βουλευταί τής πλειοψηφίας καί τής μειοψηφίας, οί όποιοι ανέπτυξαν τάς απόψεις των επί του νομοσχεδίου καί επί τών διατάξεων αύτοΰ.
ΤΟ ΤΗΛΕΓΡΑΦΗΜΑ
ΜΟΣΧΑ, 1.— Ό κ. πρόεδρος τής Κυβερνήσεως έδήλωσεν ότι αί έκλογαί θά διεξαχθούν μέ πλήρη έλευθερίαν καί ότι ή κυβέρνησις θά τηρήση αύστηράν ουδετερότητα. Ή αντιπολίτευσις ωστόσο επιμένει ότι τό σύστημα ευνοεί τήν κυβερνώσαν παράταξιν καί ότι ό λαός δέν θά δυνηθή νά εκφράση ελευθέρως τό φρόνημά του. Κατά τήν συζήτησιν ώμίλησαν πολλοί βουλευταί τής πλειοψηφίας καί τής μειοψηφίας, οί όποιοι ανέπτυξαν τάς απόψεις των επί του νομοσχεδίου καί επί τών διατάξεων αύτοΰ.
Ο Κ. ΜΑΝΙΑΔΑΚΗΣ
Ό κ. πρόεδρος τής Κυβερνήσεως έδήλωσεν ότι αί έκλογαί θά διεξαχθούν μέ πλήρη έλευθερίαν καί ότι ή κυβέρνησις θά τηρήση αύστηράν ουδετερότητα. Ή αντιπολίτευσις ωστόσο επιμένει ότι τό σύστημα ευνοεί τήν κυβερνώσαν παράταξιν καί ότι ό λαός δέν θά δυνηθή νά εκφράση ελευθέρως τό φρόνημά του. Κατά τήν συζήτησιν ώμίλησαν πολλοί βουλευταί τής πλειοψηφίας καί τής μειοψηφίας, οί όποιοι ανέπτυξαν τάς απόψεις των επί του νομοσχεδίου καί επί τών διατάξεων αύτοΰ. Ό κ. πρόεδρος τής Κυβερνήσεως έδήλωσεν ότι αί έκλογαί θά διεξαχθούν μέ πλήρη έλευθερίαν καί ότι ή κυβέρνησις θά τηρήση αύστηράν ουδετερότητα. Ή αντιπολίτευσις ωστόσο επιμένει ότι τό σύστημα ευνοεί τήν κυβερνώσαν παράταξιν καί ότι ό λαός δέν θά δυνηθή νά εκφράση ελευθέρως τό φρόνημά του. Κατά τήν συζήτησιν ώμίλησαν πολλοί βουλευταί τής πλειοψηφίας καί τής μειοψηφίας, οί όποιοι ανέπτυξαν τάς απόψεις των επί του νομοσχεδίου καί επί τών διατάξεων αύτοΰ.
